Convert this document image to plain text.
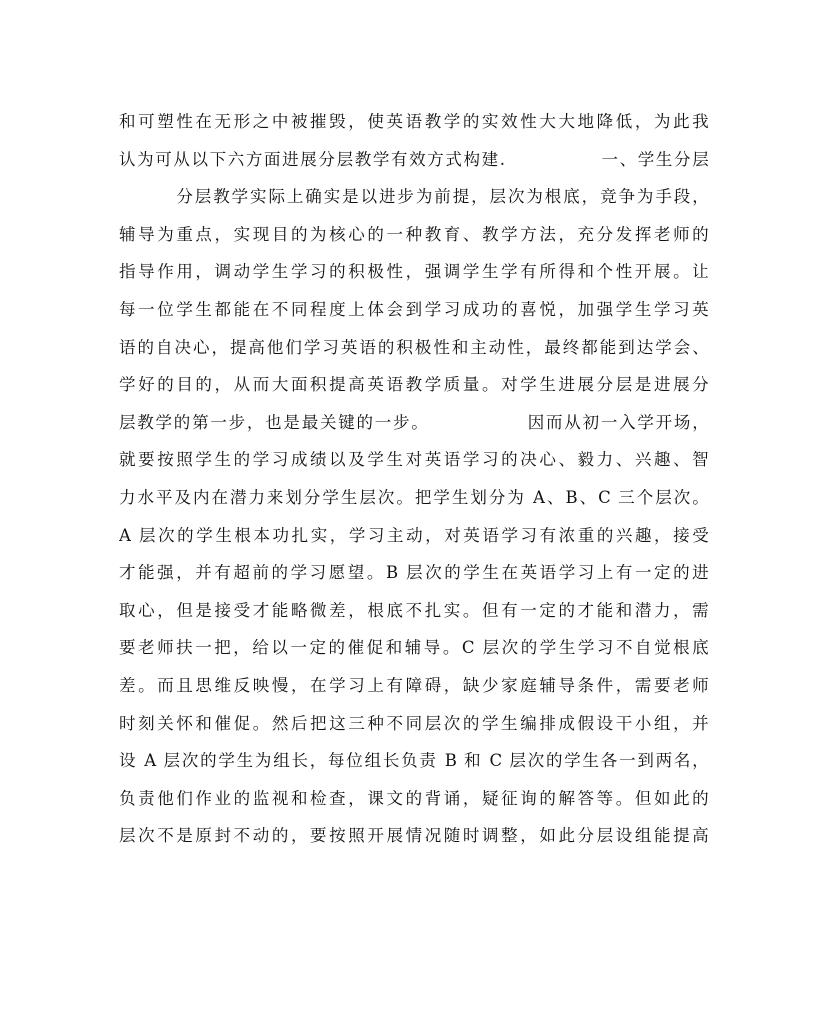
和可塑性在无形之中被摧毁，使英语教学的实效性大大地降低，为此我
认为可从以下六方面进展分层教学有效方式构建.              一、学生分层
分层教学实际上确实是以进步为前提，层次为根底，竞争为手段，
辅导为重点，实现目的为核心的一种教育、教学方法，充分发挥老师的
指导作用，调动学生学习的积极性，强调学生学有所得和个性开展。让
每一位学生都能在不同程度上体会到学习成功的喜悦，加强学生学习英
语的自决心，提高他们学习英语的积极性和主动性，最终都能到达学会、
学好的目的，从而大面积提高英语教学质量。对学生进展分层是进展分
层教学的第一步，也是最关键的一步。              因而从初一入学开场，
就要按照学生的学习成绩以及学生对英语学习的决心、毅力、兴趣、智
力水平及内在潜力来划分学生层次。把学生划分为 A、B、C 三个层次。
A 层次的学生根本功扎实，学习主动，对英语学习有浓重的兴趣，接受
才能强，并有超前的学习愿望。B 层次的学生在英语学习上有一定的进
取心，但是接受才能略微差，根底不扎实。但有一定的才能和潜力，需
要老师扶一把，给以一定的催促和辅导。C 层次的学生学习不自觉根底
差。而且思维反映慢，在学习上有障碍，缺少家庭辅导条件，需要老师
时刻关怀和催促。然后把这三种不同层次的学生编排成假设干小组，并
设 A 层次的学生为组长，每位组长负责 B 和 C 层次的学生各一到两名，
负责他们作业的监视和检查，课文的背诵，疑征询的解答等。但如此的
层次不是原封不动的，要按照开展情况随时调整，如此分层设组能提高
